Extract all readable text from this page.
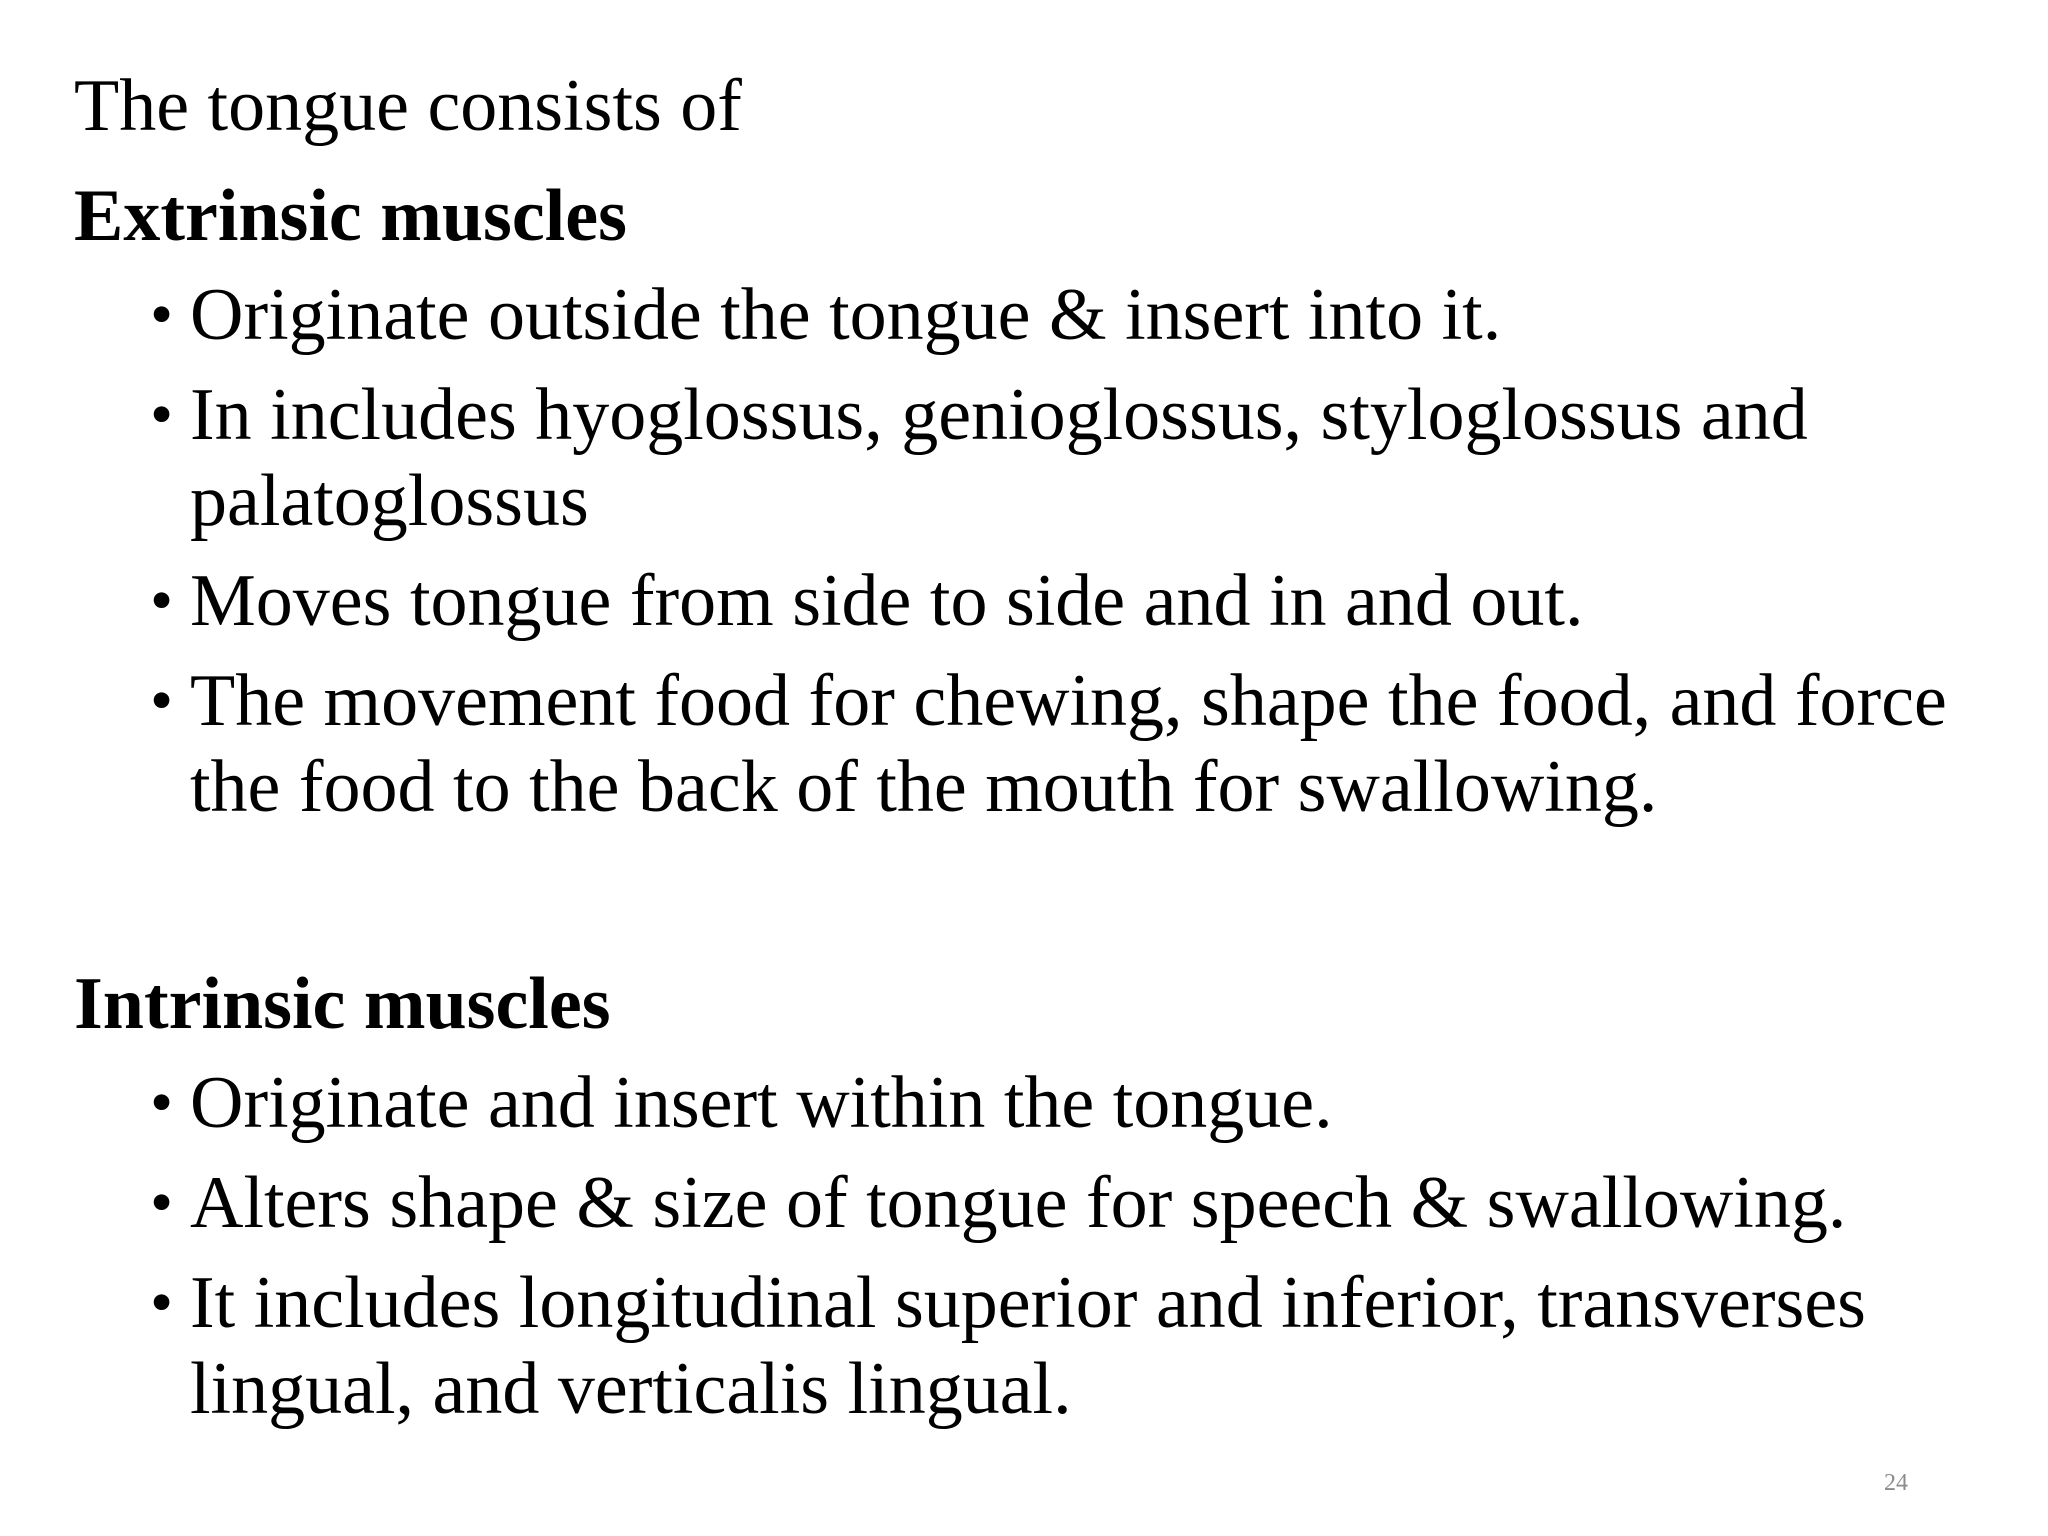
The tongue consists of

Extrinsic muscles
• Originate outside the tongue & insert into it.
• In includes hyoglossus, genioglossus, styloglossus and palatoglossus
• Moves tongue from side to side and in and out.
• The movement food for chewing, shape the food, and force the food to the back of the mouth for swallowing.
Intrinsic muscles
• Originate and insert within the tongue.
• Alters shape & size of tongue for speech & swallowing.
• It includes longitudinal superior and inferior, transverses lingual, and verticalis lingual.
24
